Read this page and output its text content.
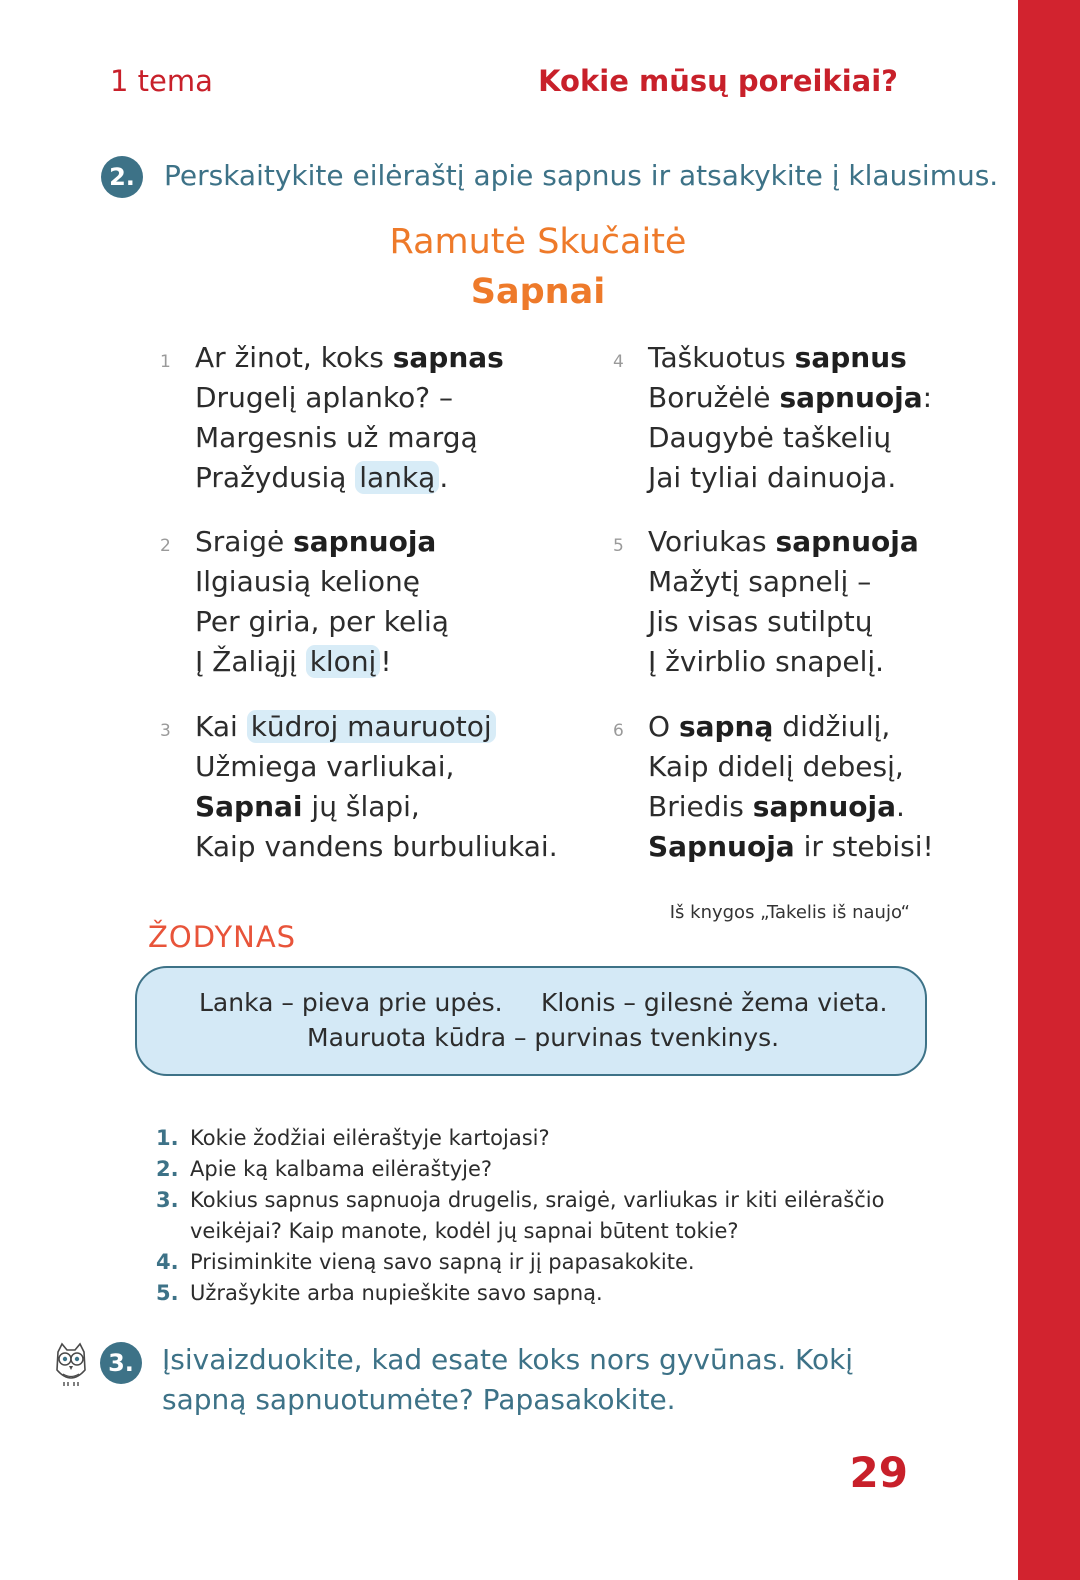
1 tema	Kokie mūsų poreikiai?
2. Perskaitykite eilėraštį apie sapnus ir atsakykite į klausimus.
Ramutė Skučaitė
Sapnai
1 Ar žinot, koks sapnas
Drugelį aplanko? –
Margesnis už margą
Pražydusią lanką .
2 Sraigė sapnuoja
Ilgiausią kelionę
Per giria, per kelią
Į Žaliąjį klonį !
3 Kai kūdroj mauruotoj
Užmiega varliukai,
Sapnai jų šlapi,
Kaip vandens burbuliukai.
4 Taškuotus sapnus
Boružėlė sapnuoja:
Daugybė taškelių
Jai tyliai dainuoja.
5 Voriukas sapnuoja
Mažytį sapnelį –
Jis visas sutilptų
Į žvirblio snapelį.
6 O sapną didžiulį,
Kaip didelį debesį,
Briedis sapnuoja.
Sapnuoja ir stebisi!
Iš knygos „Takelis iš naujo“
ŽODYNAS
Lanka – pieva prie upės. Klonis – gilesnė žema vieta.
Mauruota kūdra – purvinas tvenkinys.
1. Kokie žodžiai eilėraštyje kartojasi?
2. Apie ką kalbama eilėraštyje?
3. Kokius sapnus sapnuoja drugelis, sraigė, varliukas ir kiti eilėraščio veikėjai? Kaip manote, kodėl jų sapnai būtent tokie?
4. Prisiminkite vieną savo sapną ir jį papasakokite.
5. Užrašykite arba nupieškite savo sapną.
3. Įsivaizduokite, kad esate koks nors gyvūnas. Kokį sapną sapnuotumėte? Papasakokite.
29
